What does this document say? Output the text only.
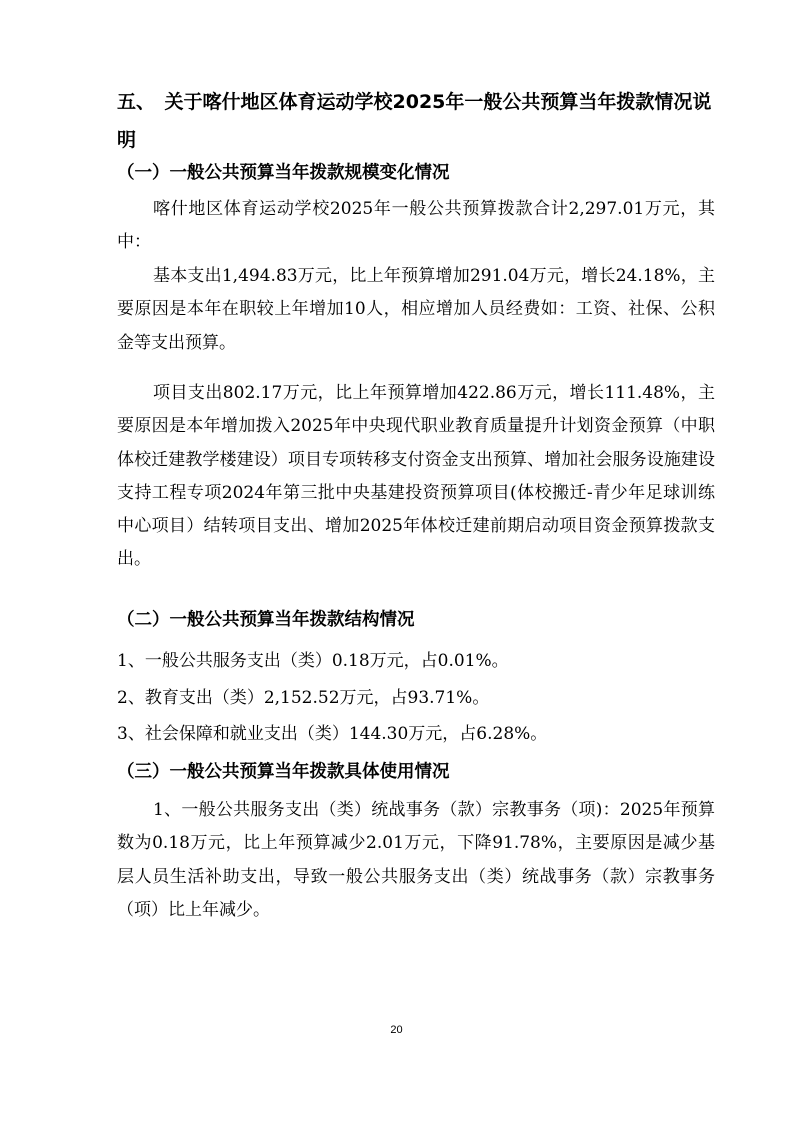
五、　关于喀什地区体育运动学校2025年一般公共预算当年拨款情况说明
（一）一般公共预算当年拨款规模变化情况
喀什地区体育运动学校2025年一般公共预算拨款合计2,297.01万元，其中：
基本支出1,494.83万元，比上年预算增加291.04万元，增长24.18%，主要原因是本年在职较上年增加10人，相应增加人员经费如：工资、社保、公积金等支出预算。
项目支出802.17万元，比上年预算增加422.86万元，增长111.48%，主要原因是本年增加拨入2025年中央现代职业教育质量提升计划资金预算（中职体校迁建教学楼建设）项目专项转移支付资金支出预算、增加社会服务设施建设支持工程专项2024年第三批中央基建投资预算项目(体校搬迁-青少年足球训练中心项目）结转项目支出、增加2025年体校迁建前期启动项目资金预算拨款支出。
（二）一般公共预算当年拨款结构情况
1、一般公共服务支出（类）0.18万元，占0.01%。
2、教育支出（类）2,152.52万元，占93.71%。
3、社会保障和就业支出（类）144.30万元，占6.28%。
（三）一般公共预算当年拨款具体使用情况
1、一般公共服务支出（类）统战事务（款）宗教事务（项)：2025年预算数为0.18万元，比上年预算减少2.01万元，下降91.78%，主要原因是减少基层人员生活补助支出，导致一般公共服务支出（类）统战事务（款）宗教事务（项）比上年减少。
20
